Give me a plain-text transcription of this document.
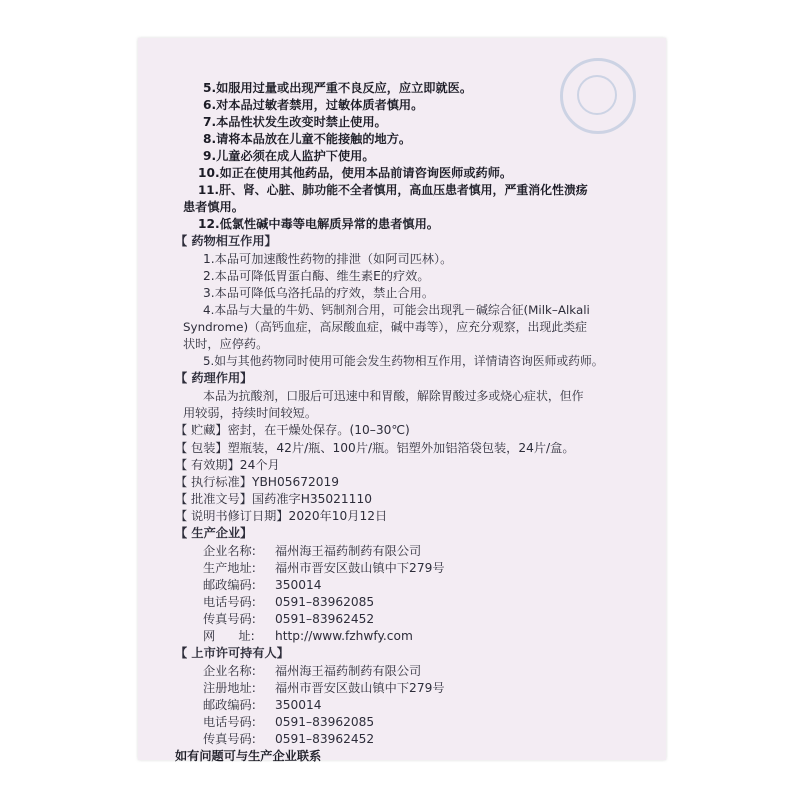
5.如服用过量或出现严重不良反应，应立即就医。
6.对本品过敏者禁用，过敏体质者慎用。
7.本品性状发生改变时禁止使用。
8.请将本品放在儿童不能接触的地方。
9.儿童必须在成人监护下使用。
10.如正在使用其他药品，使用本品前请咨询医师或药师。
11.肝、肾、心脏、肺功能不全者慎用，高血压患者慎用，严重消化性溃疡
患者慎用。
12.低氯性碱中毒等电解质异常的患者慎用。
【 药物相互作用】
1.本品可加速酸性药物的排泄（如阿司匹林）。
2.本品可降低胃蛋白酶、维生素E的疗效。
3.本品可降低乌洛托品的疗效，禁止合用。
4.本品与大量的牛奶、钙制剂合用，可能会出现乳－碱综合征(Milk–Alkali
Syndrome)（高钙血症，高尿酸血症，碱中毒等），应充分观察，出现此类症
状时，应停药。
5.如与其他药物同时使用可能会发生药物相互作用，详情请咨询医师或药师。
【 药理作用】
本品为抗酸剂，口服后可迅速中和胃酸，解除胃酸过多或烧心症状，但作
用较弱，持续时间较短。
【 贮藏】密封，在干燥处保存。(10–30℃)
【 包装】塑瓶装，42片/瓶、100片/瓶。铝塑外加铝箔袋包装，24片/盒。
【 有效期】24个月
【 执行标准】YBH05672019
【 批准文号】国药准字H35021110
【 说明书修订日期】2020年10月12日
【 生产企业】
企业名称: 福州海王福药制药有限公司
生产地址: 福州市晋安区鼓山镇中下279号
邮政编码: 350014
电话号码: 0591–83962085
传真号码: 0591–83962452
网      址: http://www.fzhwfy.com
【 上市许可持有人】
企业名称: 福州海王福药制药有限公司
注册地址: 福州市晋安区鼓山镇中下279号
邮政编码: 350014
电话号码: 0591–83962085
传真号码: 0591–83962452
如有问题可与生产企业联系
